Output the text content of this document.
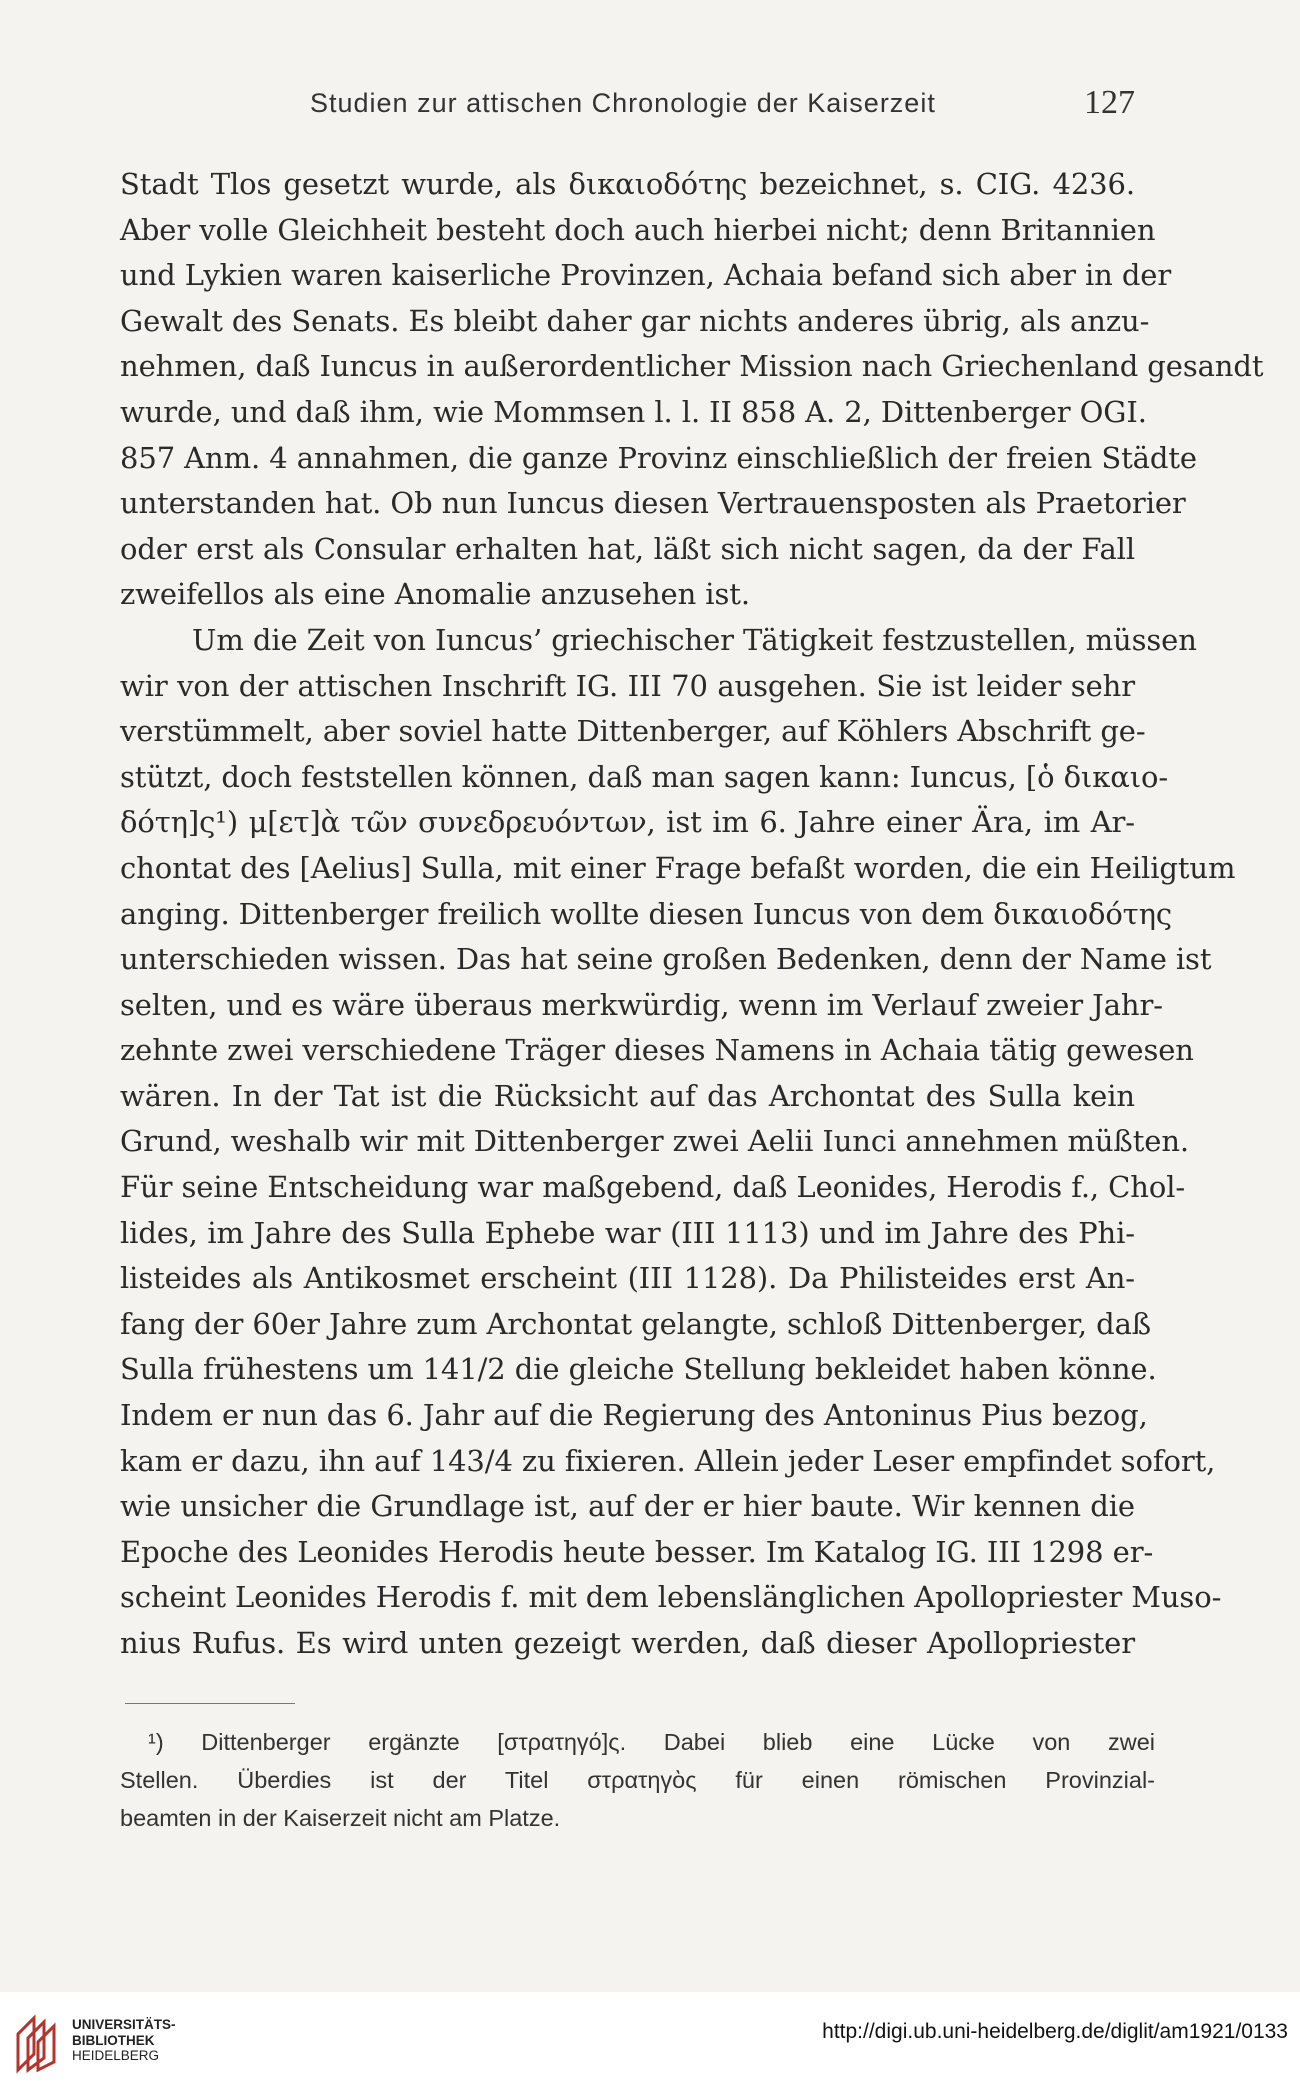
Studien zur attischen Chronologie der Kaiserzeit	127
Stadt Tlos gesetzt wurde, als δικαιοδότης bezeichnet, s. CIG. 4236.
Aber volle Gleichheit besteht doch auch hierbei nicht; denn Britannien
und Lykien waren kaiserliche Provinzen, Achaia befand sich aber in der
Gewalt des Senats. Es bleibt daher gar nichts anderes übrig, als anzu-
nehmen, daß Iuncus in außerordentlicher Mission nach Griechenland gesandt
wurde, und daß ihm, wie Mommsen l. l. II 858 A. 2, Dittenberger OGI.
857 Anm. 4 annahmen, die ganze Provinz einschließlich der freien Städte
unterstanden hat. Ob nun Iuncus diesen Vertrauensposten als Praetorier
oder erst als Consular erhalten hat, läßt sich nicht sagen, da der Fall
zweifellos als eine Anomalie anzusehen ist.
Um die Zeit von Iuncus’ griechischer Tätigkeit festzustellen, müssen
wir von der attischen Inschrift IG. III 70 ausgehen. Sie ist leider sehr
verstümmelt, aber soviel hatte Dittenberger, auf Köhlers Abschrift ge-
stützt, doch feststellen können, daß man sagen kann: Iuncus, [ὁ δικαιο-
δότη]ς¹) μ[ετ]ὰ τῶν συνεδρευόντων, ist im 6. Jahre einer Ära, im Ar-
chontat des [Aelius] Sulla, mit einer Frage befaßt worden, die ein Heiligtum
anging. Dittenberger freilich wollte diesen Iuncus von dem δικαιοδότης
unterschieden wissen. Das hat seine großen Bedenken, denn der Name ist
selten, und es wäre überaus merkwürdig, wenn im Verlauf zweier Jahr-
zehnte zwei verschiedene Träger dieses Namens in Achaia tätig gewesen
wären. In der Tat ist die Rücksicht auf das Archontat des Sulla kein
Grund, weshalb wir mit Dittenberger zwei Aelii Iunci annehmen müßten.
Für seine Entscheidung war maßgebend, daß Leonides, Herodis f., Chol-
lides, im Jahre des Sulla Ephebe war (III 1113) und im Jahre des Phi-
listeides als Antikosmet erscheint (III 1128). Da Philisteides erst An-
fang der 60er Jahre zum Archontat gelangte, schloß Dittenberger, daß
Sulla frühestens um 141/2 die gleiche Stellung bekleidet haben könne.
Indem er nun das 6. Jahr auf die Regierung des Antoninus Pius bezog,
kam er dazu, ihn auf 143/4 zu fixieren. Allein jeder Leser empfindet sofort,
wie unsicher die Grundlage ist, auf der er hier baute. Wir kennen die
Epoche des Leonides Herodis heute besser. Im Katalog IG. III 1298 er-
scheint Leonides Herodis f. mit dem lebenslänglichen Apollopriester Muso-
nius Rufus. Es wird unten gezeigt werden, daß dieser Apollopriester
¹) Dittenberger ergänzte [στρατηγό]ς. Dabei blieb eine Lücke von zwei
Stellen. Überdies ist der Titel στρατηγὸς für einen römischen Provinzial-
beamten in der Kaiserzeit nicht am Platze.
UNIVERSITÄTS-
BIBLIOTHEK
HEIDELBERG
http://digi.ub.uni-heidelberg.de/diglit/am1921/0133
